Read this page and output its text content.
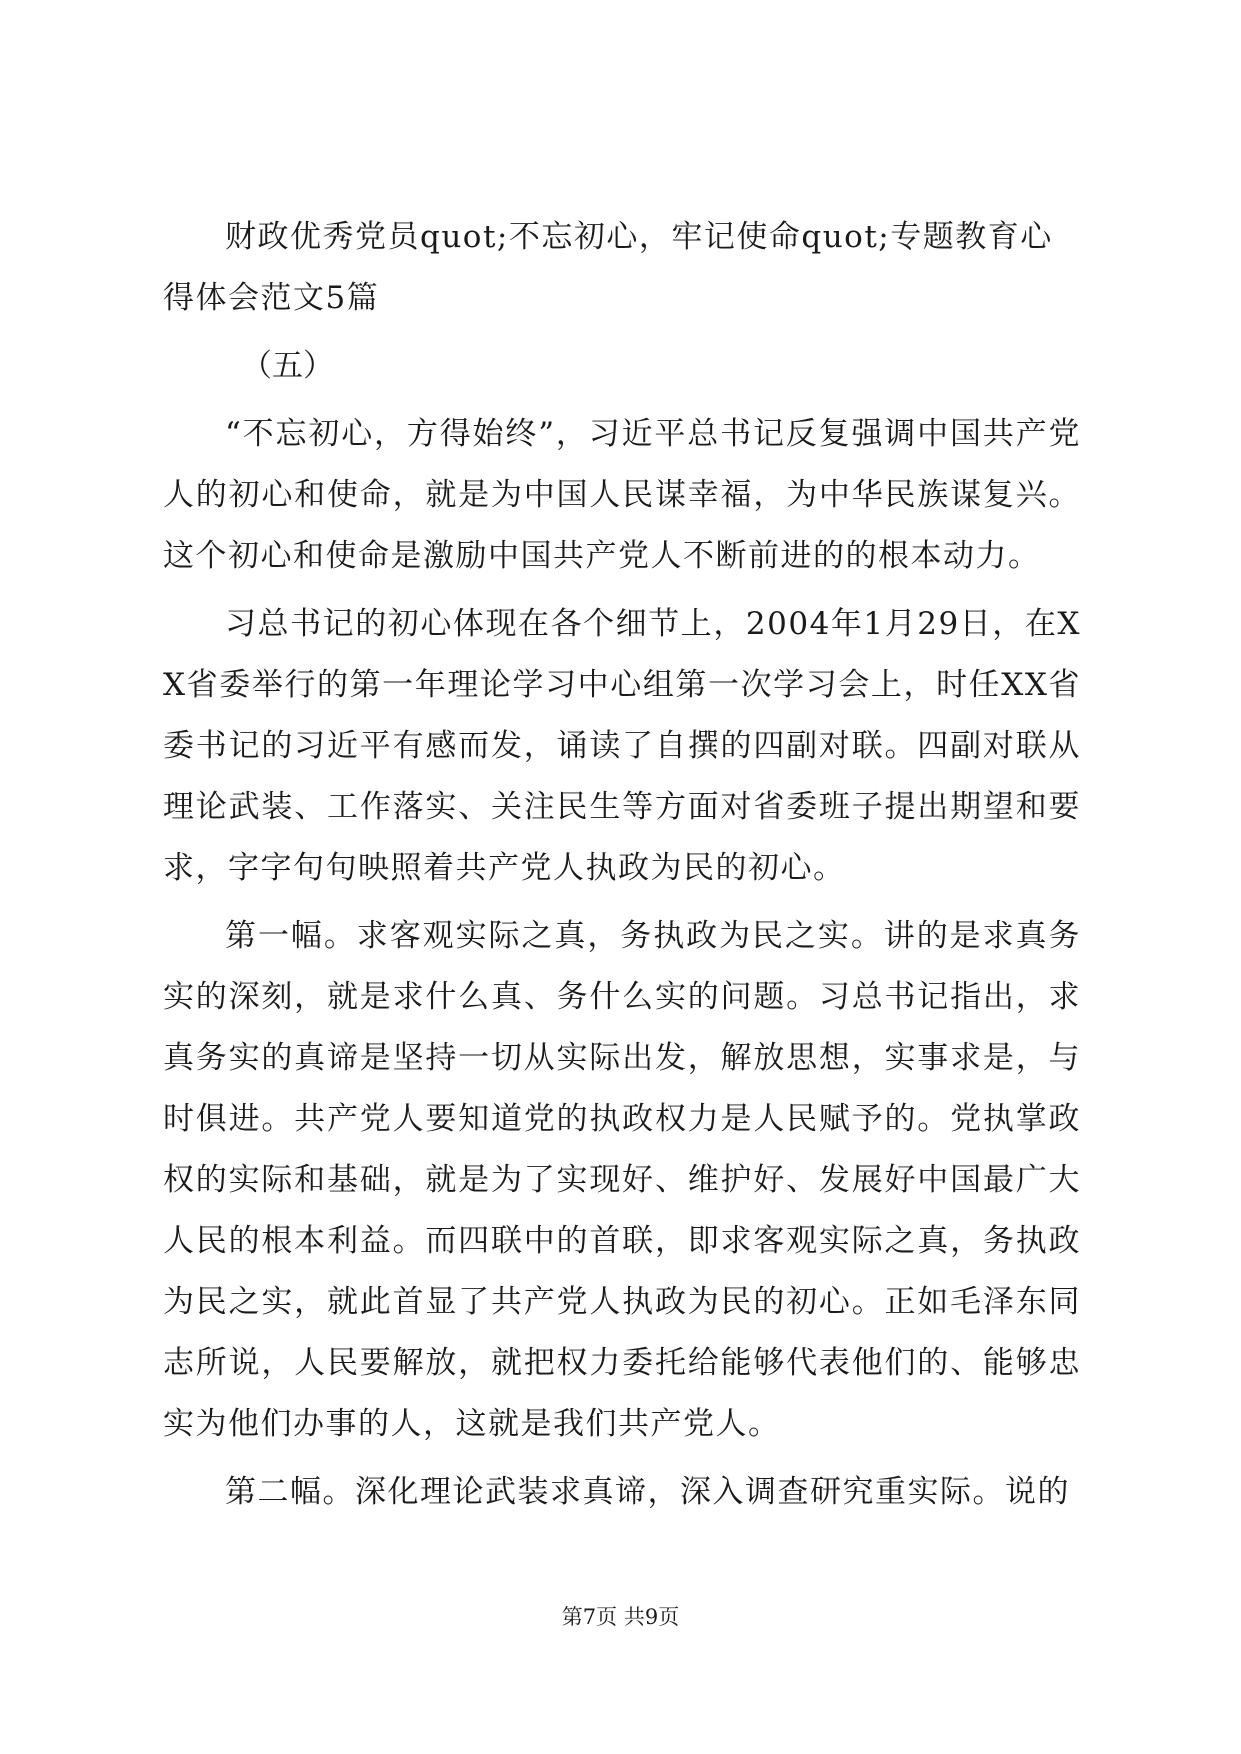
财政优秀党员quot;不忘初心，牢记使命quot;专题教育心得体会范文5篇

（五）

“不忘初心，方得始终”，习近平总书记反复强调中国共产党人的初心和使命，就是为中国人民谋幸福，为中华民族谋复兴。这个初心和使命是激励中国共产党人不断前进的的根本动力。

习总书记的初心体现在各个细节上，2004年1月29日，在XX省委举行的第一年理论学习中心组第一次学习会上，时任XX省委书记的习近平有感而发，诵读了自撰的四副对联。四副对联从理论武装、工作落实、关注民生等方面对省委班子提出期望和要求，字字句句映照着共产党人执政为民的初心。

第一幅。求客观实际之真，务执政为民之实。讲的是求真务实的深刻，就是求什么真、务什么实的问题。习总书记指出，求真务实的真谛是坚持一切从实际出发，解放思想，实事求是，与时俱进。共产党人要知道党的执政权力是人民赋予的。党执掌政权的实际和基础，就是为了实现好、维护好、发展好中国最广大人民的根本利益。而四联中的首联，即求客观实际之真，务执政为民之实，就此首显了共产党人执政为民的初心。正如毛泽东同志所说，人民要解放，就把权力委托给能够代表他们的、能够忠实为他们办事的人，这就是我们共产党人。

第二幅。深化理论武装求真谛，深入调查研究重实际。说的

第7页 共9页
